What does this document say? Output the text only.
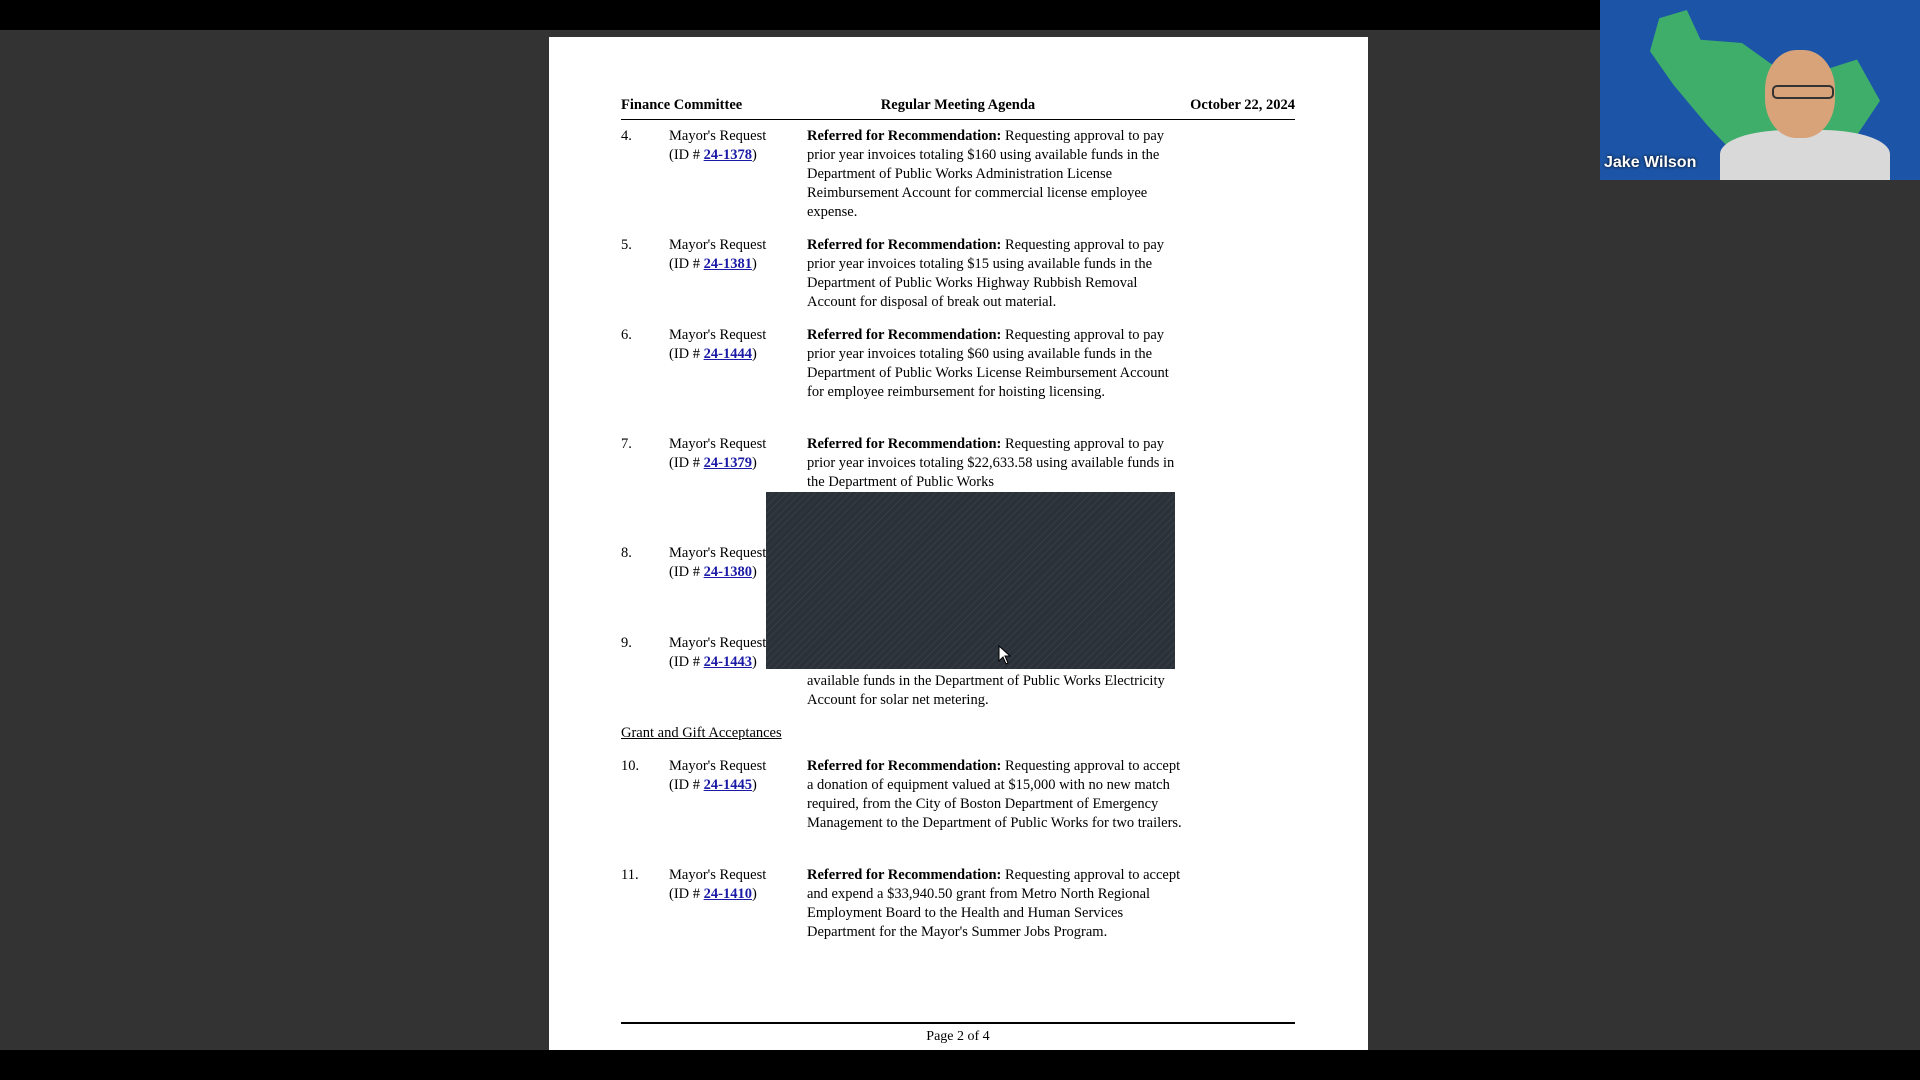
Finance Committee	Regular Meeting Agenda	October 22, 2024
4.	Mayor's Request
(ID # 24-1378)
Referred for Recommendation: Requesting approval to pay prior year invoices totaling $160 using available funds in the Department of Public Works Administration License Reimbursement Account for commercial license employee expense.
5.	Mayor's Request
(ID # 24-1381)
Referred for Recommendation: Requesting approval to pay prior year invoices totaling $15 using available funds in the Department of Public Works Highway Rubbish Removal Account for disposal of break out material.
6.	Mayor's Request
(ID # 24-1444)
Referred for Recommendation: Requesting approval to pay prior year invoices totaling $60 using available funds in the Department of Public Works License Reimbursement Account for employee reimbursement for hoisting licensing.
7.	Mayor's Request
(ID # 24-1379)
Referred for Recommendation: Requesting approval to pay prior year invoices totaling $22,633.58 using available funds in the Department of Public Works
8.	Mayor's Request
(ID # 24-1380)
9.	Mayor's Request
(ID # 24-1443)
available funds in the Department of Public Works Electricity Account for solar net metering.
Grant and Gift Acceptances
10. Mayor's Request
(ID # 24-1445)
Referred for Recommendation: Requesting approval to accept a donation of equipment valued at $15,000 with no new match required, from the City of Boston Department of Emergency Management to the Department of Public Works for two trailers.
11. Mayor's Request
(ID # 24-1410)
Referred for Recommendation: Requesting approval to accept and expend a $33,940.50 grant from Metro North Regional Employment Board to the Health and Human Services Department for the Mayor's Summer Jobs Program.
Page 2 of 4
Jake Wilson
